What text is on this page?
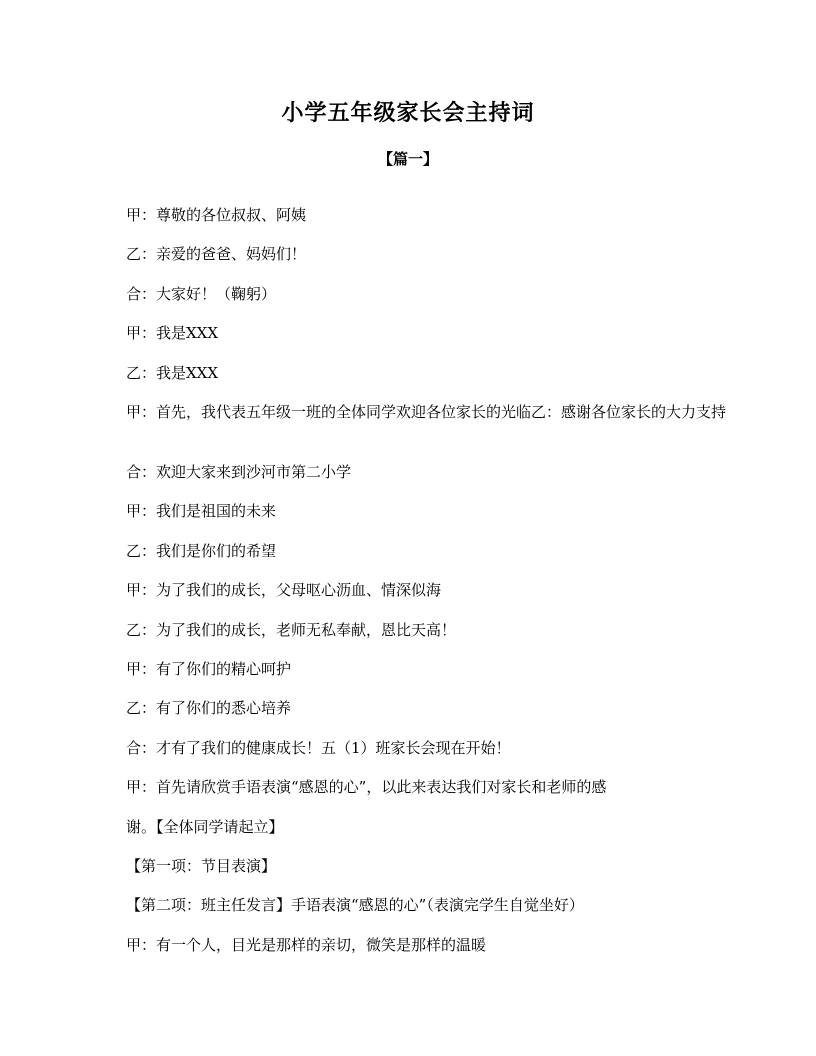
小学五年级家长会主持词
【篇一】

甲：尊敬的各位叔叔、阿姨

乙：亲爱的爸爸、妈妈们！

合：大家好！（鞠躬）

甲：我是XXX

乙：我是XXX

甲：首先，我代表五年级一班的全体同学欢迎各位家长的光临乙：感谢各位家长的大力支持

合：欢迎大家来到沙河市第二小学

甲：我们是祖国的未来

乙：我们是你们的希望

甲：为了我们的成长，父母呕心沥血、情深似海

乙：为了我们的成长，老师无私奉献，恩比天高！

甲：有了你们的精心呵护

乙：有了你们的悉心培养

合：才有了我们的健康成长！五（1）班家长会现在开始！

甲：首先请欣赏手语表演“感恩的心”，以此来表达我们对家长和老师的感

谢。【全体同学请起立】

【第一项：节目表演】

【第二项：班主任发言】手语表演“感恩的心”（表演完学生自觉坐好）

甲：有一个人，目光是那样的亲切，微笑是那样的温暖
